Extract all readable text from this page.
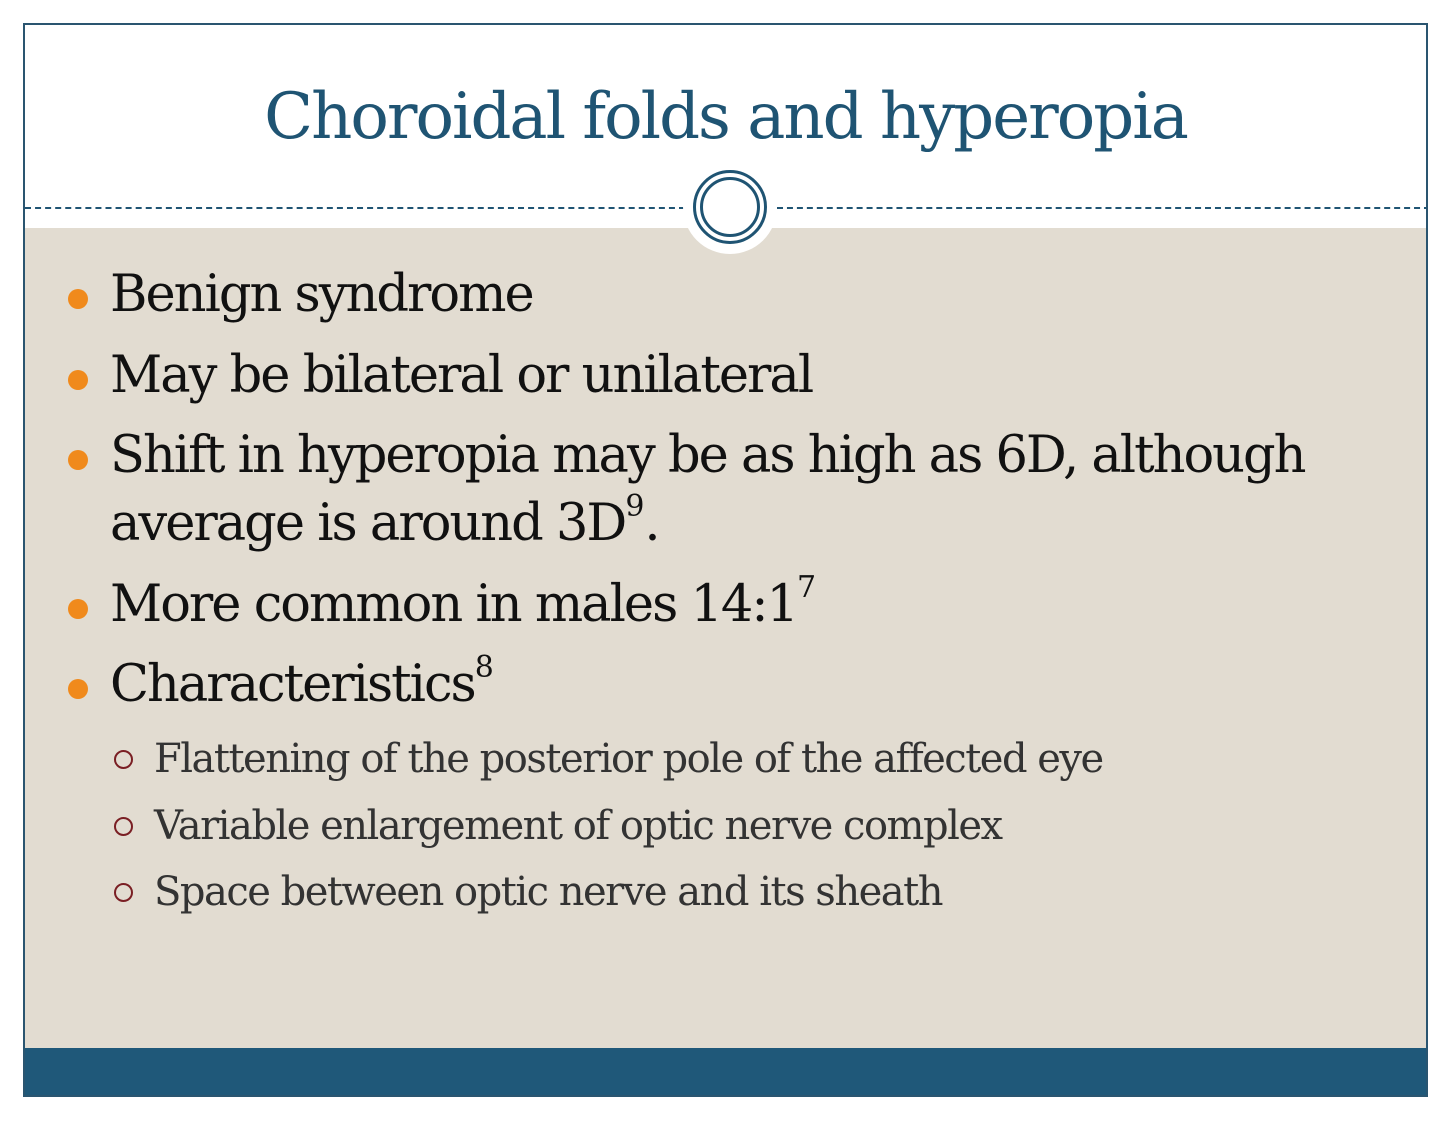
Choroidal folds and hyperopia
Benign syndrome
May be bilateral or unilateral
Shift in hyperopia may be as high as 6D, although
average is around $3D^9$.
More common in males $14:1^7$
Characteristics$^8$
Flattening of the posterior pole of the affected eye
Variable enlargement of optic nerve complex
Space between optic nerve and its sheath
